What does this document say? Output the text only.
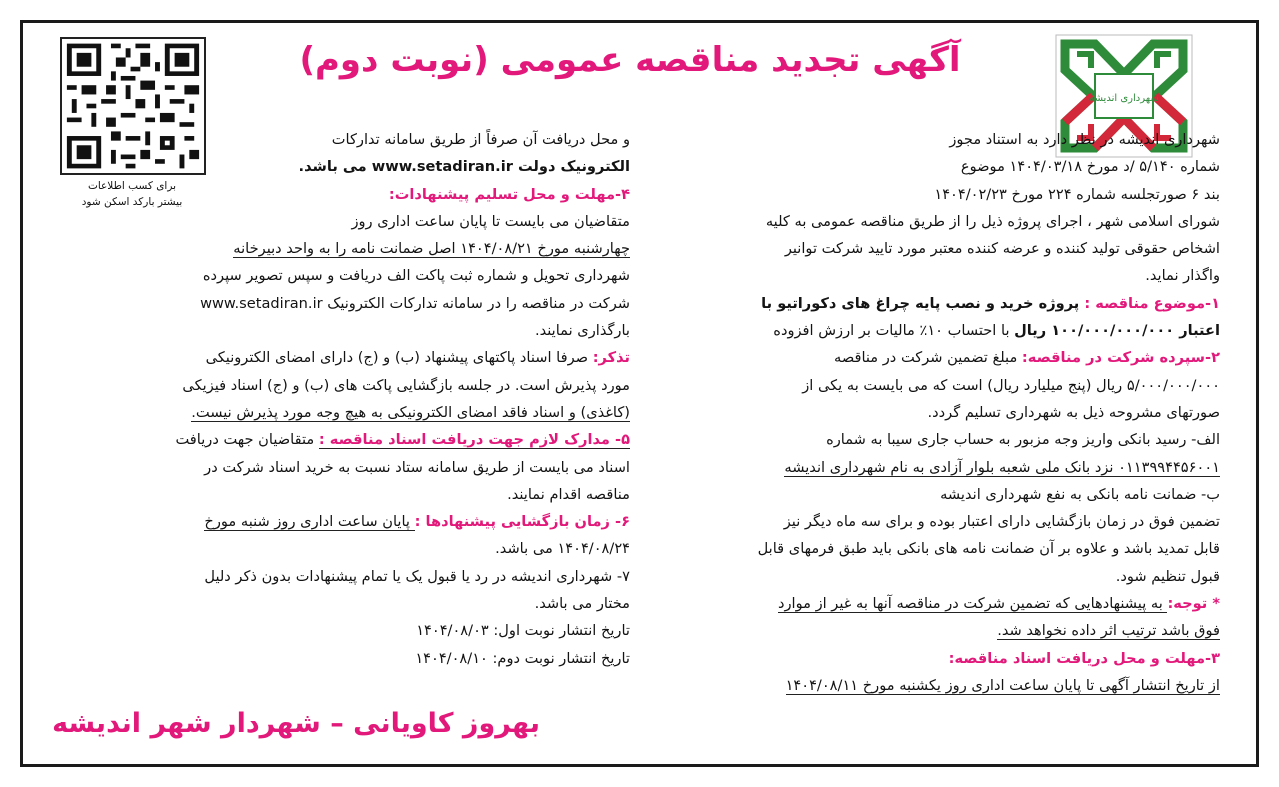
شهرداری اندیشه
آگهی تجدید مناقصه عمومی (نوبت دوم)
برای کسب اطلاعات
بیشتر بارکد اسکن شود
شهرداری اندیشه در نظر دارد به استناد مجوز
شماره ۵/۱۴۰ /د مورخ ۱۴۰۴/۰۳/۱۸ موضوع
بند ۶ صورتجلسه شماره ۲۲۴ مورخ ۱۴۰۴/۰۲/۲۳
شورای اسلامی شهر ، اجرای پروژه ذیل را از طریق مناقصه عمومی به کلیه
اشخاص حقوقی تولید کننده و عرضه کننده معتبر مورد تایید شرکت توانیر
واگذار نماید.
۱-موضوع مناقصه : پروژه خرید و نصب پایه چراغ های دکوراتیو با
اعتبار ۱۰۰/۰۰۰/۰۰۰/۰۰۰ ریال با احتساب ۱۰٪ مالیات بر ارزش افزوده
۲-سپرده شرکت در مناقصه: مبلغ تضمین شرکت در مناقصه
۵/۰۰۰/۰۰۰/۰۰۰ ریال (پنج میلیارد ریال) است که می بایست به یکی از
صورتهای مشروحه ذیل به شهرداری تسلیم گردد.
الف- رسید بانکی واریز وجه مزبور به حساب جاری سیبا به شماره
۰۱۱۳۹۹۴۴۵۶۰۰۱ نزد بانک ملی شعبه بلوار آزادی به نام شهرداری اندیشه
ب- ضمانت نامه بانکی به نفع شهرداری اندیشه
تضمین فوق در زمان بازگشایی دارای اعتبار بوده و برای سه ماه دیگر نیز
قابل تمدید باشد و علاوه بر آن ضمانت نامه های بانکی باید طبق فرمهای قابل
قبول تنظیم شود.
* توجه: به پیشنهادهایی که تضمین شرکت در مناقصه آنها به غیر از موارد
فوق باشد ترتیب اثر داده نخواهد شد.
۳-مهلت و محل دریافت اسناد مناقصه:
از تاریخ انتشار آگهی تا پایان ساعت اداری روز یکشنبه مورخ ۱۴۰۴/۰۸/۱۱
و محل دریافت آن صرفاً از طریق سامانه تدارکات
الکترونیک دولت www.setadiran.ir می باشد.
۴-مهلت و محل تسلیم پیشنهادات:
متقاضیان می بایست تا پایان ساعت اداری روز
چهارشنبه مورخ ۱۴۰۴/۰۸/۲۱ اصل ضمانت نامه را به واحد دبیرخانه
شهرداری تحویل و شماره ثبت پاکت الف دریافت و سپس تصویر سپرده
شرکت در مناقصه را در سامانه تدارکات الکترونیک www.setadiran.ir
بارگذاری نمایند.
تذکر: صرفا اسناد پاکتهای پیشنهاد (ب) و (ج) دارای امضای الکترونیکی
مورد پذیرش است. در جلسه بازگشایی پاکت های (ب) و (ج) اسناد فیزیکی
(کاغذی) و اسناد فاقد امضای الکترونیکی به هیچ وجه مورد پذیرش نیست.
۵- مدارک لازم جهت دریافت اسناد مناقصه : متقاضیان جهت دریافت
اسناد می بایست از طریق سامانه ستاد نسبت به خرید اسناد شرکت در
مناقصه اقدام نمایند.
۶- زمان بازگشایی پیشنهادها : پایان ساعت اداری روز شنبه مورخ
۱۴۰۴/۰۸/۲۴ می باشد.
۷- شهرداری اندیشه در رد یا قبول یک یا تمام پیشنهادات بدون ذکر دلیل
مختار می باشد.
تاریخ انتشار نوبت اول: ۱۴۰۴/۰۸/۰۳
تاریخ انتشار نوبت دوم: ۱۴۰۴/۰۸/۱۰
بهروز کاویانی – شهردار شهر اندیشه
